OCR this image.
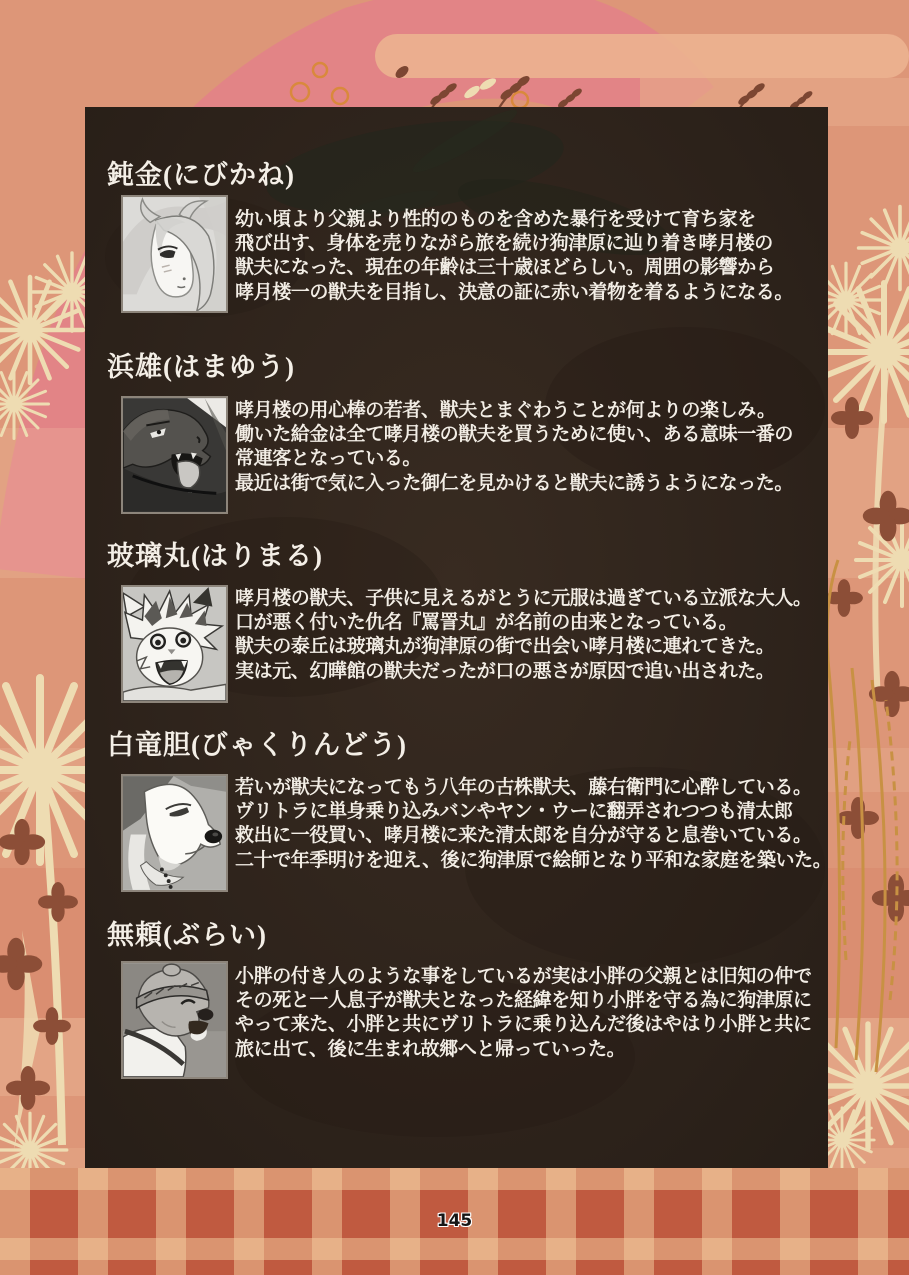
鈍金(にびかね)
幼い頃より父親より性的のものを含めた暴行を受けて育ち家を
飛び出す、身体を売りながら旅を続け狗津原に辿り着き哮月楼の
獣夫になった、現在の年齢は三十歳ほどらしい。周囲の影響から
哮月楼一の獣夫を目指し、決意の証に赤い着物を着るようになる。
浜雄(はまゆう)
哮月楼の用心棒の若者、獣夫とまぐわうことが何よりの楽しみ。
働いた給金は全て哮月楼の獣夫を買うために使い、ある意味一番の
常連客となっている。
最近は街で気に入った御仁を見かけると獣夫に誘うようになった。
玻璃丸(はりまる)
哮月楼の獣夫、子供に見えるがとうに元服は過ぎている立派な大人。
口が悪く付いた仇名『罵詈丸』が名前の由来となっている。
獣夫の泰丘は玻璃丸が狗津原の街で出会い哮月楼に連れてきた。
実は元、幻曄館の獣夫だったが口の悪さが原因で追い出された。
白竜胆(びゃくりんどう)
若いが獣夫になってもう八年の古株獣夫、藤右衛門に心酔している。
ヴリトラに単身乗り込みバンやヤン・ウーに翻弄されつつも清太郎
救出に一役買い、哮月楼に来た清太郎を自分が守ると息巻いている。
二十で年季明けを迎え、後に狗津原で絵師となり平和な家庭を築いた。
無頼(ぶらい)
小胖の付き人のような事をしているが実は小胖の父親とは旧知の仲で
その死と一人息子が獣夫となった経緯を知り小胖を守る為に狗津原に
やって来た、小胖と共にヴリトラに乗り込んだ後はやはり小胖と共に
旅に出て、後に生まれ故郷へと帰っていった。
145
